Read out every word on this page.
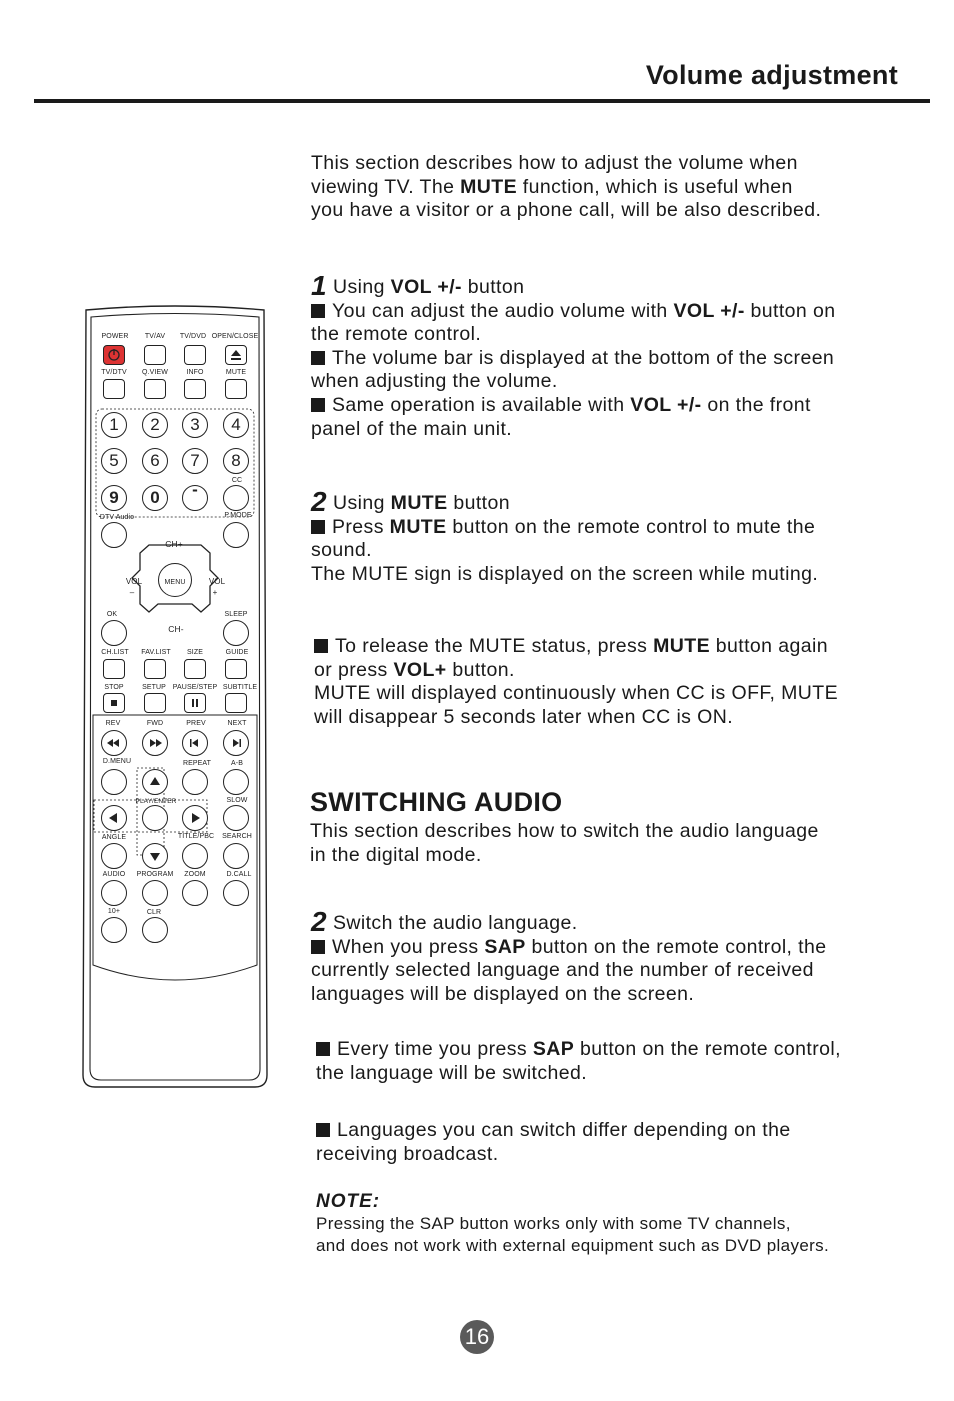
Volume adjustment
This section describes how to adjust the volume when
viewing TV. The MUTE function, which is useful when
you have a visitor or a phone call, will be also described.
1 Using VOL +/- button
You can adjust the audio volume with VOL +/- button on
the remote control.
The volume bar is displayed at the bottom of the screen
when adjusting the volume.
Same operation is available with VOL +/- on the front
panel of the main unit.
2 Using MUTE button
Press MUTE button on the remote control to mute the
sound.
The MUTE sign is displayed on the screen while muting.
To release the MUTE status, press MUTE button again
or press VOL+ button.
MUTE will displayed continuously when CC is OFF, MUTE
will disappear 5 seconds later when CC is ON.
SWITCHING AUDIO
This section describes how to switch the audio language
in the digital mode.
2 Switch the audio language.
When you press SAP button on the remote control, the
currently selected language and the number of received
languages will be displayed on the screen.
Every time you press SAP button on the remote control,
the language will be switched.
Languages you can switch differ depending on the
receiving broadcast.
NOTE:
Pressing the SAP button works only with some TV channels,
and does not work with external equipment such as DVD players.
16
POWER TV/AV TV/DVD OPEN/CLOSE
TV/DTV Q.VIEW	INFO	MUTE
1	2	3	4
5	6	7	8
CC
9	0	-
DTV Audio	P.MODE
CH+
VOL
–
VOL
+
MENU
CH-
OK	SLEEP
CH.LIST FAV.LIST SIZE	GUIDE
STOP	SETUP PAUSE/STEP SUBTITLE
REV	FWD	PREV	NEXT
D.MENU	REPEAT	A-B
PLAY/ENTER	SLOW
ANGLE	TITLE/PBC SEARCH
AUDIO PROGRAM ZOOM	D.CALL
10+	CLR
